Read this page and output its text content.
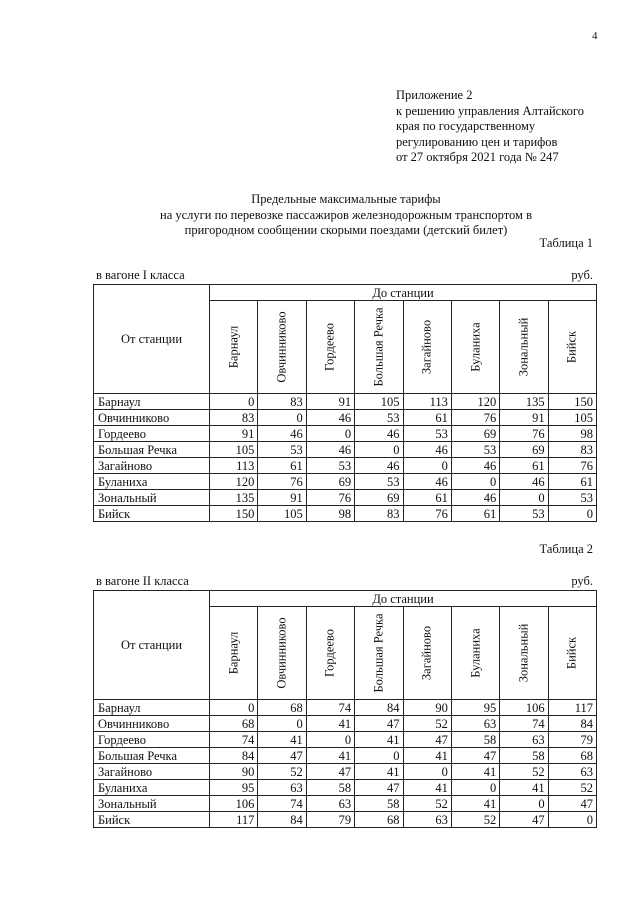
4
Приложение 2
к решению управления Алтайского
края по государственному
регулированию цен и тарифов
от 27 октября 2021 года № 247
Предельные максимальные тарифы
на услуги по перевозке пассажиров железнодорожным транспортом в
пригородном сообщении скорыми поездами (детский билет)
Таблица 1
в вагоне I класса	руб.
От станции	До станции							

	Барнаул	Овчинниково	Гордеево	Большая Речка	Загайново	Буланиха	Зональный	Бийск

Барнаул	0	83	91	105	113	120	135	150
Овчинниково	83	0	46	53	61	76	91	105
Гордеево	91	46	0	46	53	69	76	98
Большая Речка	105	53	46	0	46	53	69	83
Загайново	113	61	53	46	0	46	61	76
Буланиха	120	76	69	53	46	0	46	61
Зональный	135	91	76	69	61	46	0	53
Бийск	150	105	98	83	76	61	53	0
Таблица 2
в вагоне II класса	руб.
От станции	До станции							

	Барнаул	Овчинниково	Гордеево	Большая Речка	Загайново	Буланиха	Зональный	Бийск

Барнаул	0	68	74	84	90	95	106	117
Овчинниково	68	0	41	47	52	63	74	84
Гордеево	74	41	0	41	47	58	63	79
Большая Речка	84	47	41	0	41	47	58	68
Загайново	90	52	47	41	0	41	52	63
Буланиха	95	63	58	47	41	0	41	52
Зональный	106	74	63	58	52	41	0	47
Бийск	117	84	79	68	63	52	47	0
